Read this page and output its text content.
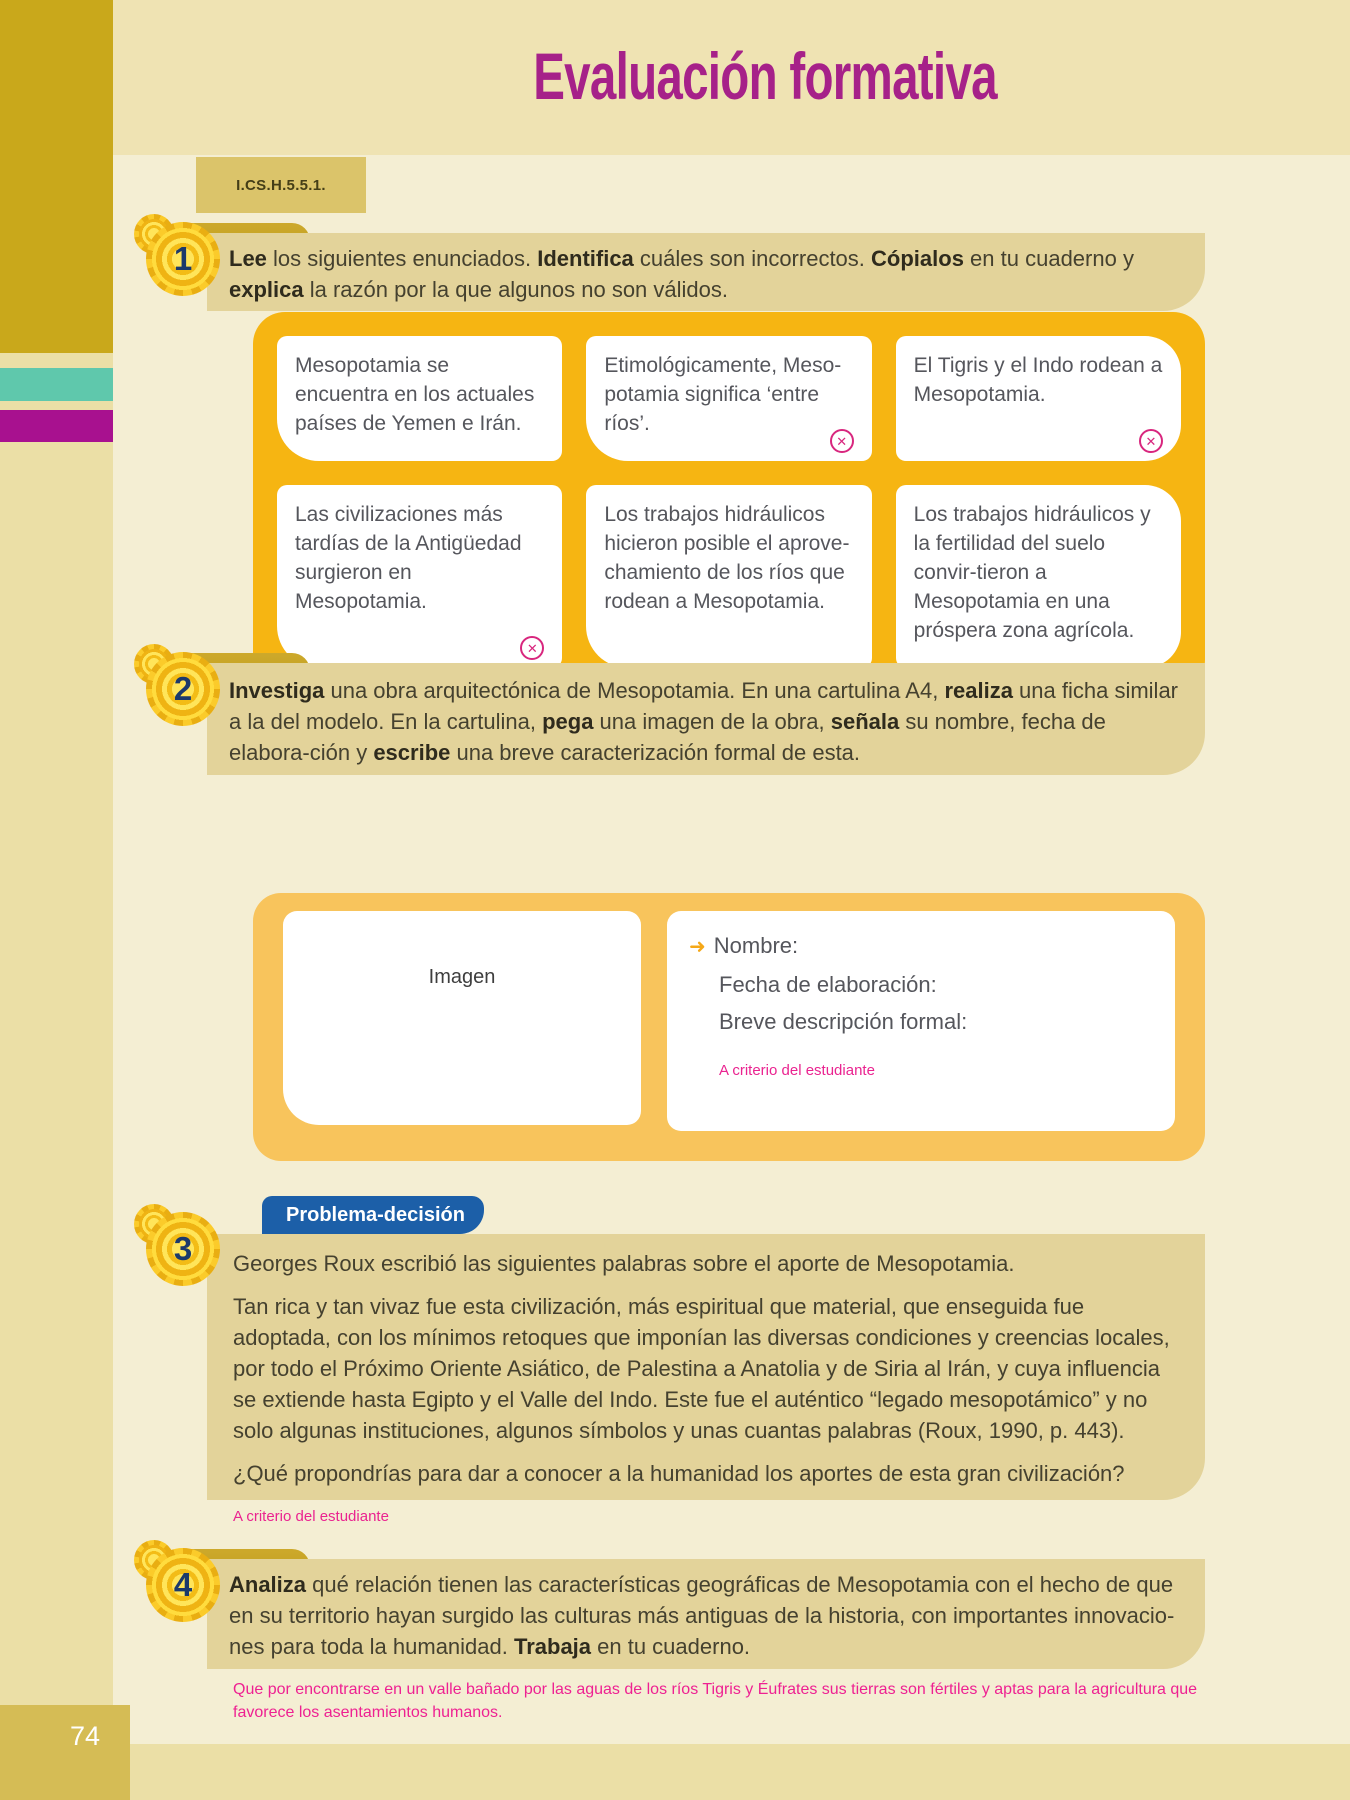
Evaluación formativa
I.CS.H.5.5.1.
74
1	Lee los siguientes enunciados. Identifica cuáles son incorrectos. Cópialos en tu cuaderno y explica la razón por la que algunos no son válidos.
Mesopotamia se encuentra en los actuales países de Yemen e Irán.
Etimológicamente, Meso-potamia significa ‘entre ríos’.
✕
El Tigris y el Indo rodean a Mesopotamia.
✕
Las civilizaciones más tardías de la Antigüedad surgieron en Mesopotamia.
✕
Los trabajos hidráulicos hicieron posible el aprove-chamiento de los ríos que rodean a Mesopotamia.
Los trabajos hidráulicos y la fertilidad del suelo convir-tieron a Mesopotamia en una próspera zona agrícola.
2	Investiga una obra arquitectónica de Mesopotamia. En una cartulina A4, realiza una ficha similar a la del modelo. En la cartulina, pega una imagen de la obra, señala su nombre, fecha de elabora-ción y escribe una breve caracterización formal de esta.
Imagen
➜ Nombre:
Fecha de elaboración:
Breve descripción formal:
A criterio del estudiante
3
Problema-decisión

Georges Roux escribió las siguientes palabras sobre el aporte de Mesopotamia.

Tan rica y tan vivaz fue esta civilización, más espiritual que material, que enseguida fue adoptada, con los mínimos retoques que imponían las diversas condiciones y creencias locales, por todo el Próximo Oriente Asiático, de Palestina a Anatolia y de Siria al Irán, y cuya influencia se extiende hasta Egipto y el Valle del Indo. Este fue el auténtico “legado mesopotámico” y no solo algunas instituciones, algunos símbolos y unas cuantas palabras (Roux, 1990, p. 443).

¿Qué propondrías para dar a conocer a la humanidad los aportes de esta gran civilización?

A criterio del estudiante
4	Analiza qué relación tienen las características geográficas de Mesopotamia con el hecho de que en su territorio hayan surgido las culturas más antiguas de la historia, con importantes innovacio-nes para toda la humanidad. Trabaja en tu cuaderno.
Que por encontrarse en un valle bañado por las aguas de los ríos Tigris y Éufrates sus tierras son fértiles y aptas para la agricultura que favorece los asentamientos humanos.
